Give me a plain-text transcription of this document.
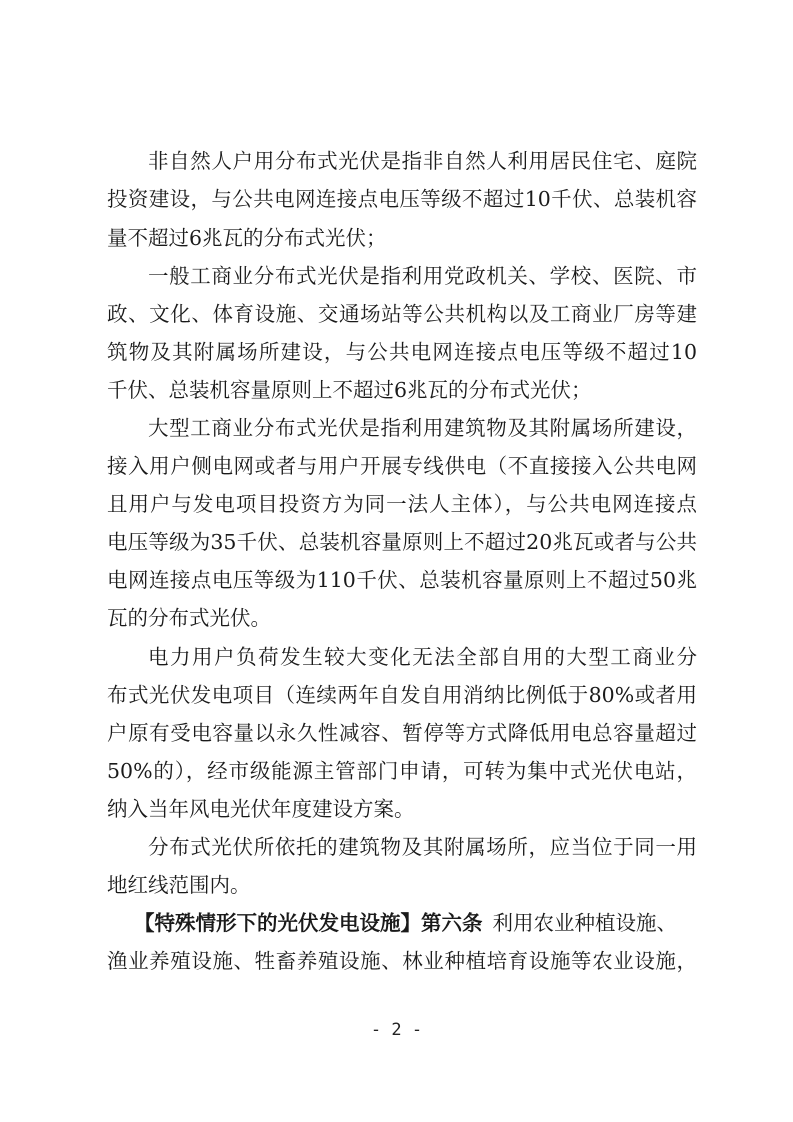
非自然人户用分布式光伏是指非自然人利用居民住宅、庭院
投资建设，与公共电网连接点电压等级不超过10千伏、总装机容
量不超过6兆瓦的分布式光伏；
一般工商业分布式光伏是指利用党政机关、学校、医院、市
政、文化、体育设施、交通场站等公共机构以及工商业厂房等建
筑物及其附属场所建设，与公共电网连接点电压等级不超过10
千伏、总装机容量原则上不超过6兆瓦的分布式光伏；
大型工商业分布式光伏是指利用建筑物及其附属场所建设，
接入用户侧电网或者与用户开展专线供电（不直接接入公共电网
且用户与发电项目投资方为同一法人主体），与公共电网连接点
电压等级为35千伏、总装机容量原则上不超过20兆瓦或者与公共
电网连接点电压等级为110千伏、总装机容量原则上不超过50兆
瓦的分布式光伏。
电力用户负荷发生较大变化无法全部自用的大型工商业分
布式光伏发电项目（连续两年自发自用消纳比例低于80%或者用
户原有受电容量以永久性减容、暂停等方式降低用电总容量超过
50%的），经市级能源主管部门申请，可转为集中式光伏电站，
纳入当年风电光伏年度建设方案。
分布式光伏所依托的建筑物及其附属场所，应当位于同一用
地红线范围内。
【特殊情形下的光伏发电设施】第六条 利用农业种植设施、
渔业养殖设施、牲畜养殖设施、林业种植培育设施等农业设施，
- 2 -
